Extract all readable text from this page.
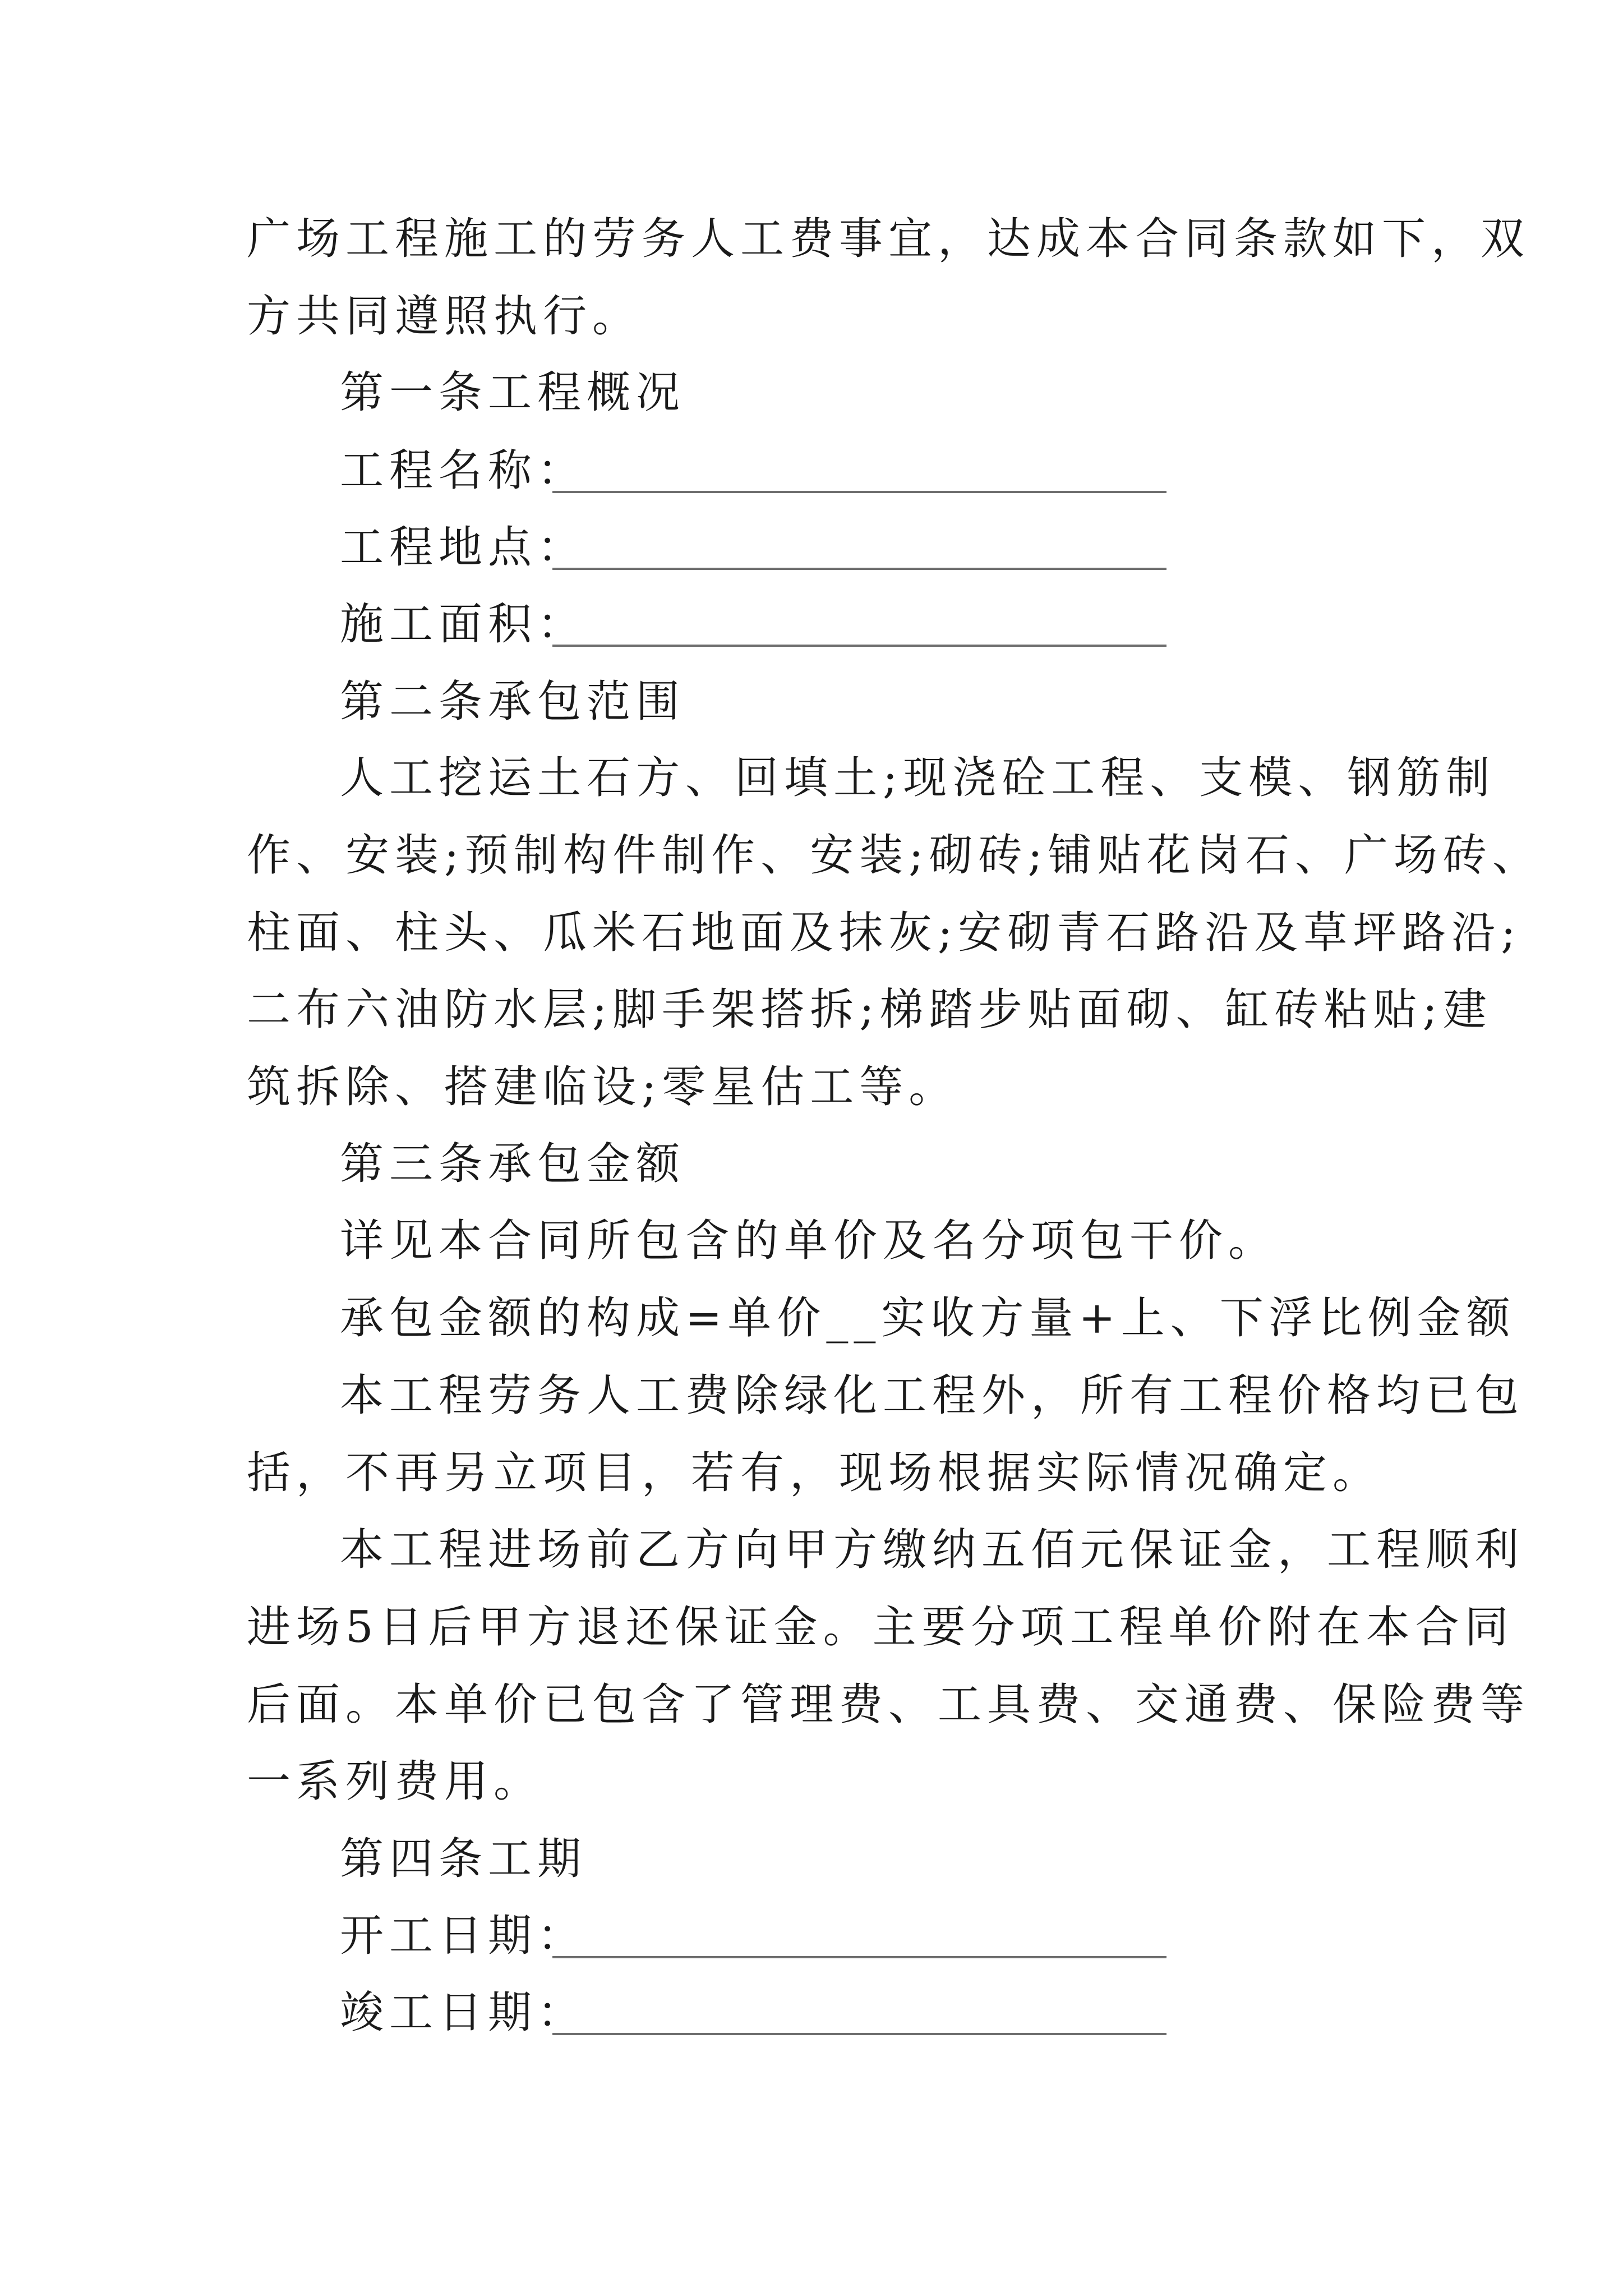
广场工程施工的劳务人工费事宜，达成本合同条款如下，双
方共同遵照执行。
第一条工程概况
工程名称：
工程地点：
施工面积：
第二条承包范围
人工挖运土石方、回填土;现浇砼工程、支模、钢筋制
作、安装;预制构件制作、安装;砌砖;铺贴花岗石、广场砖、
柱面、柱头、瓜米石地面及抹灰;安砌青石路沿及草坪路沿;
二布六油防水层;脚手架搭拆;梯踏步贴面砌、缸砖粘贴;建
筑拆除、搭建临设;零星估工等。
第三条承包金额
详见本合同所包含的单价及名分项包干价。
承包金额的构成=单价__实收方量+上、下浮比例金额
本工程劳务人工费除绿化工程外，所有工程价格均已包
括，不再另立项目，若有，现场根据实际情况确定。
本工程进场前乙方向甲方缴纳五佰元保证金，工程顺利
进场5日后甲方退还保证金。主要分项工程单价附在本合同
后面。本单价已包含了管理费、工具费、交通费、保险费等
一系列费用。
第四条工期
开工日期：
竣工日期：
